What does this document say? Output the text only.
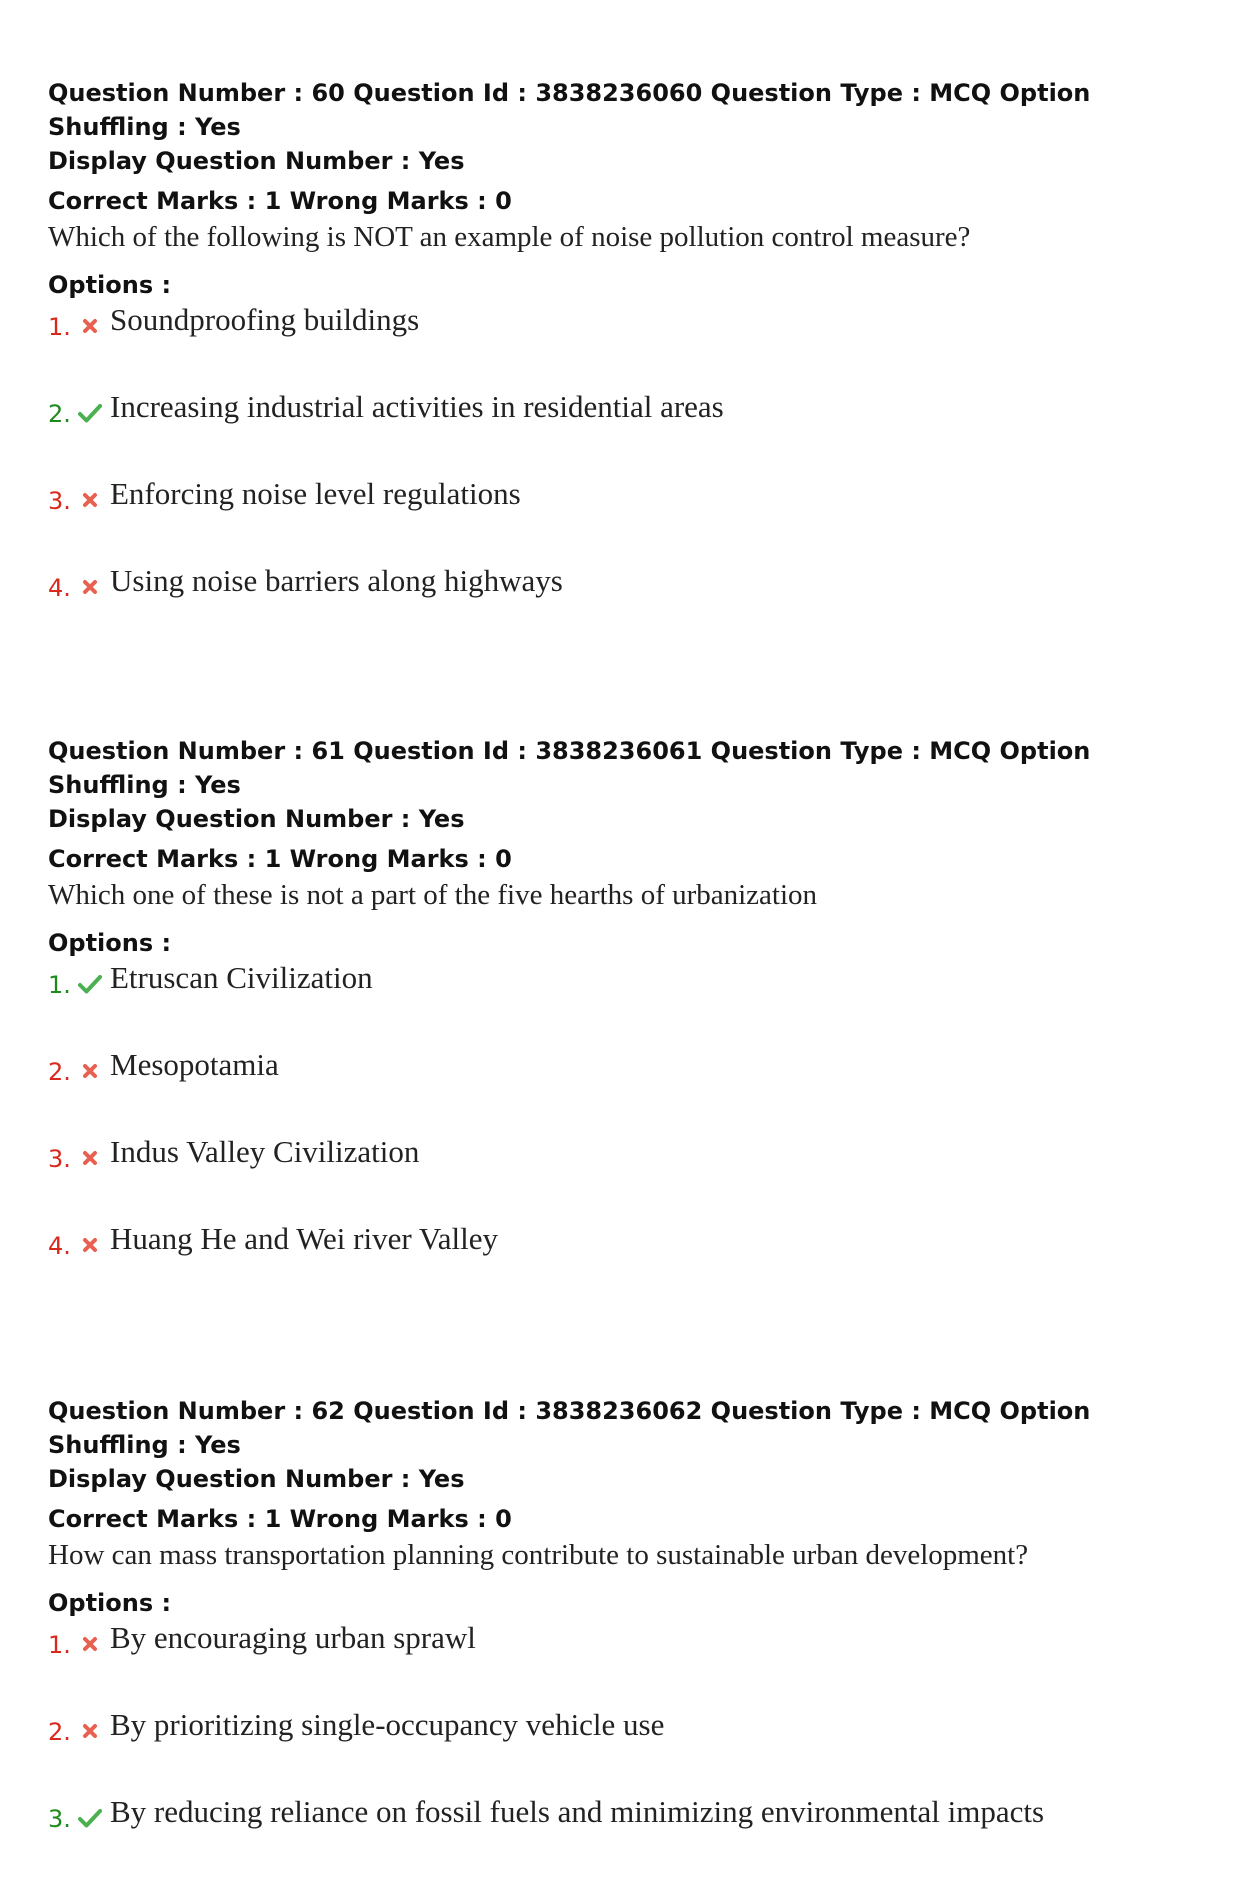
Question Number : 60 Question Id : 3838236060 Question Type : MCQ Option Shuffling : Yes
Display Question Number : Yes
Correct Marks : 1 Wrong Marks : 0
Which of the following is NOT an example of noise pollution control measure?
Options :
1. Soundproofing buildings
2. Increasing industrial activities in residential areas
3. Enforcing noise level regulations
4. Using noise barriers along highways
Question Number : 61 Question Id : 3838236061 Question Type : MCQ Option Shuffling : Yes
Display Question Number : Yes
Correct Marks : 1 Wrong Marks : 0
Which one of these is not a part of the five hearths of urbanization
Options :
1. Etruscan Civilization
2. Mesopotamia
3. Indus Valley Civilization
4. Huang He and Wei river Valley
Question Number : 62 Question Id : 3838236062 Question Type : MCQ Option Shuffling : Yes
Display Question Number : Yes
Correct Marks : 1 Wrong Marks : 0
How can mass transportation planning contribute to sustainable urban development?
Options :
1. By encouraging urban sprawl
2. By prioritizing single-occupancy vehicle use
3. By reducing reliance on fossil fuels and minimizing environmental impacts
